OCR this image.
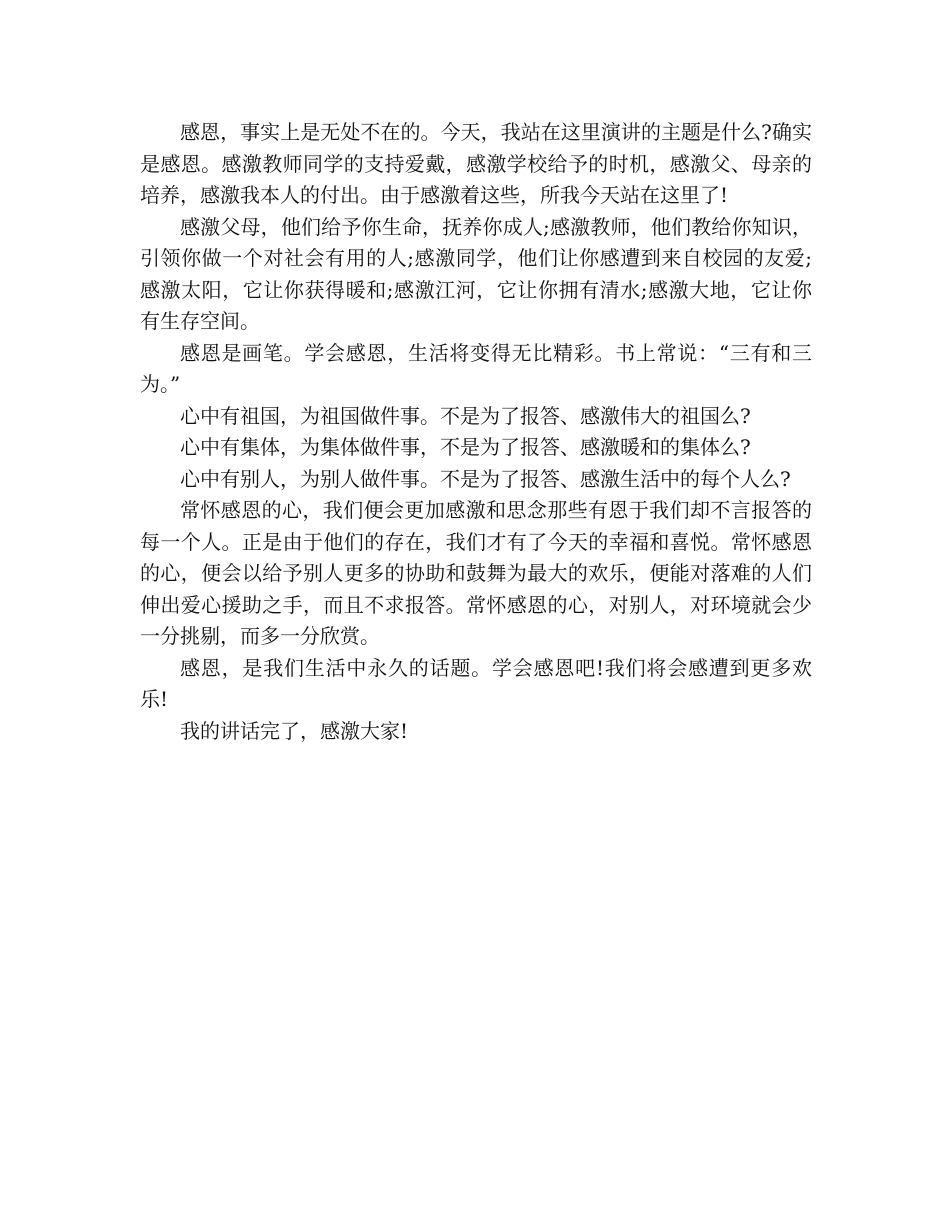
感恩，事实上是无处不在的。今天，我站在这里演讲的主题是什么?确实是感恩。感激教师同学的支持爱戴，感激学校给予的时机，感激父、母亲的培养，感激我本人的付出。由于感激着这些，所我今天站在这里了!

感激父母，他们给予你生命，抚养你成人;感激教师，他们教给你知识，引领你做一个对社会有用的人;感激同学，他们让你感遭到来自校园的友爱;感激太阳，它让你获得暖和;感激江河，它让你拥有清水;感激大地，它让你有生存空间。

感恩是画笔。学会感恩，生活将变得无比精彩。书上常说：“三有和三为。”

心中有祖国，为祖国做件事。不是为了报答、感激伟大的祖国么?

心中有集体，为集体做件事，不是为了报答、感激暖和的集体么?

心中有别人，为别人做件事。不是为了报答、感激生活中的每个人么?

常怀感恩的心，我们便会更加感激和思念那些有恩于我们却不言报答的每一个人。正是由于他们的存在，我们才有了今天的幸福和喜悦。常怀感恩的心，便会以给予别人更多的协助和鼓舞为最大的欢乐，便能对落难的人们伸出爱心援助之手，而且不求报答。常怀感恩的心，对别人，对环境就会少一分挑剔，而多一分欣赏。

感恩，是我们生活中永久的话题。学会感恩吧!我们将会感遭到更多欢乐!

我的讲话完了，感激大家!
